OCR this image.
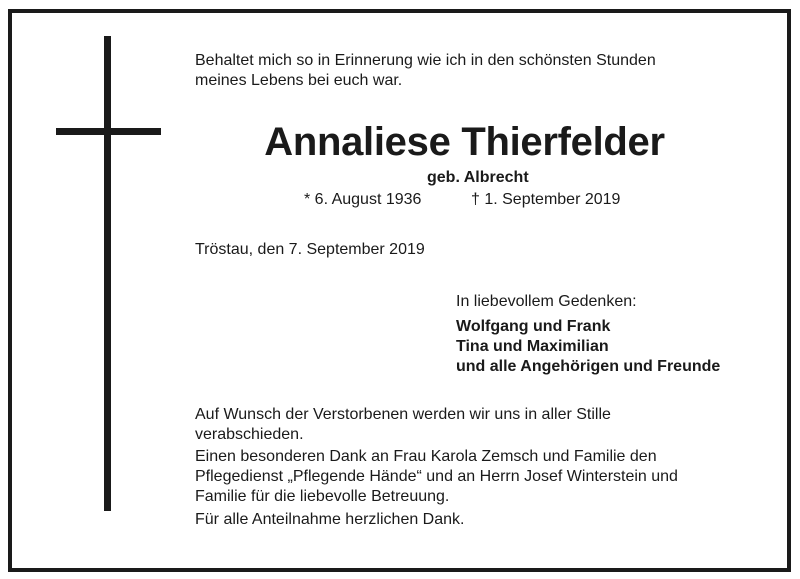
Behaltet mich so in Erinnerung wie ich in den schönsten Stunden
meines Lebens bei euch war.

Annaliese Thierfelder

geb. Albrecht

* 6. August 1936	† 1. September 2019

Tröstau, den 7. September 2019

In liebevollem Gedenken:

Wolfgang und Frank
Tina und Maximilian
und alle Angehörigen und Freunde

Auf Wunsch der Verstorbenen werden wir uns in aller Stille
verabschieden.

Einen besonderen Dank an Frau Karola Zemsch und Familie den
Pflegedienst „Pflegende Hände“ und an Herrn Josef Winterstein und
Familie für die liebevolle Betreuung.

Für alle Anteilnahme herzlichen Dank.
